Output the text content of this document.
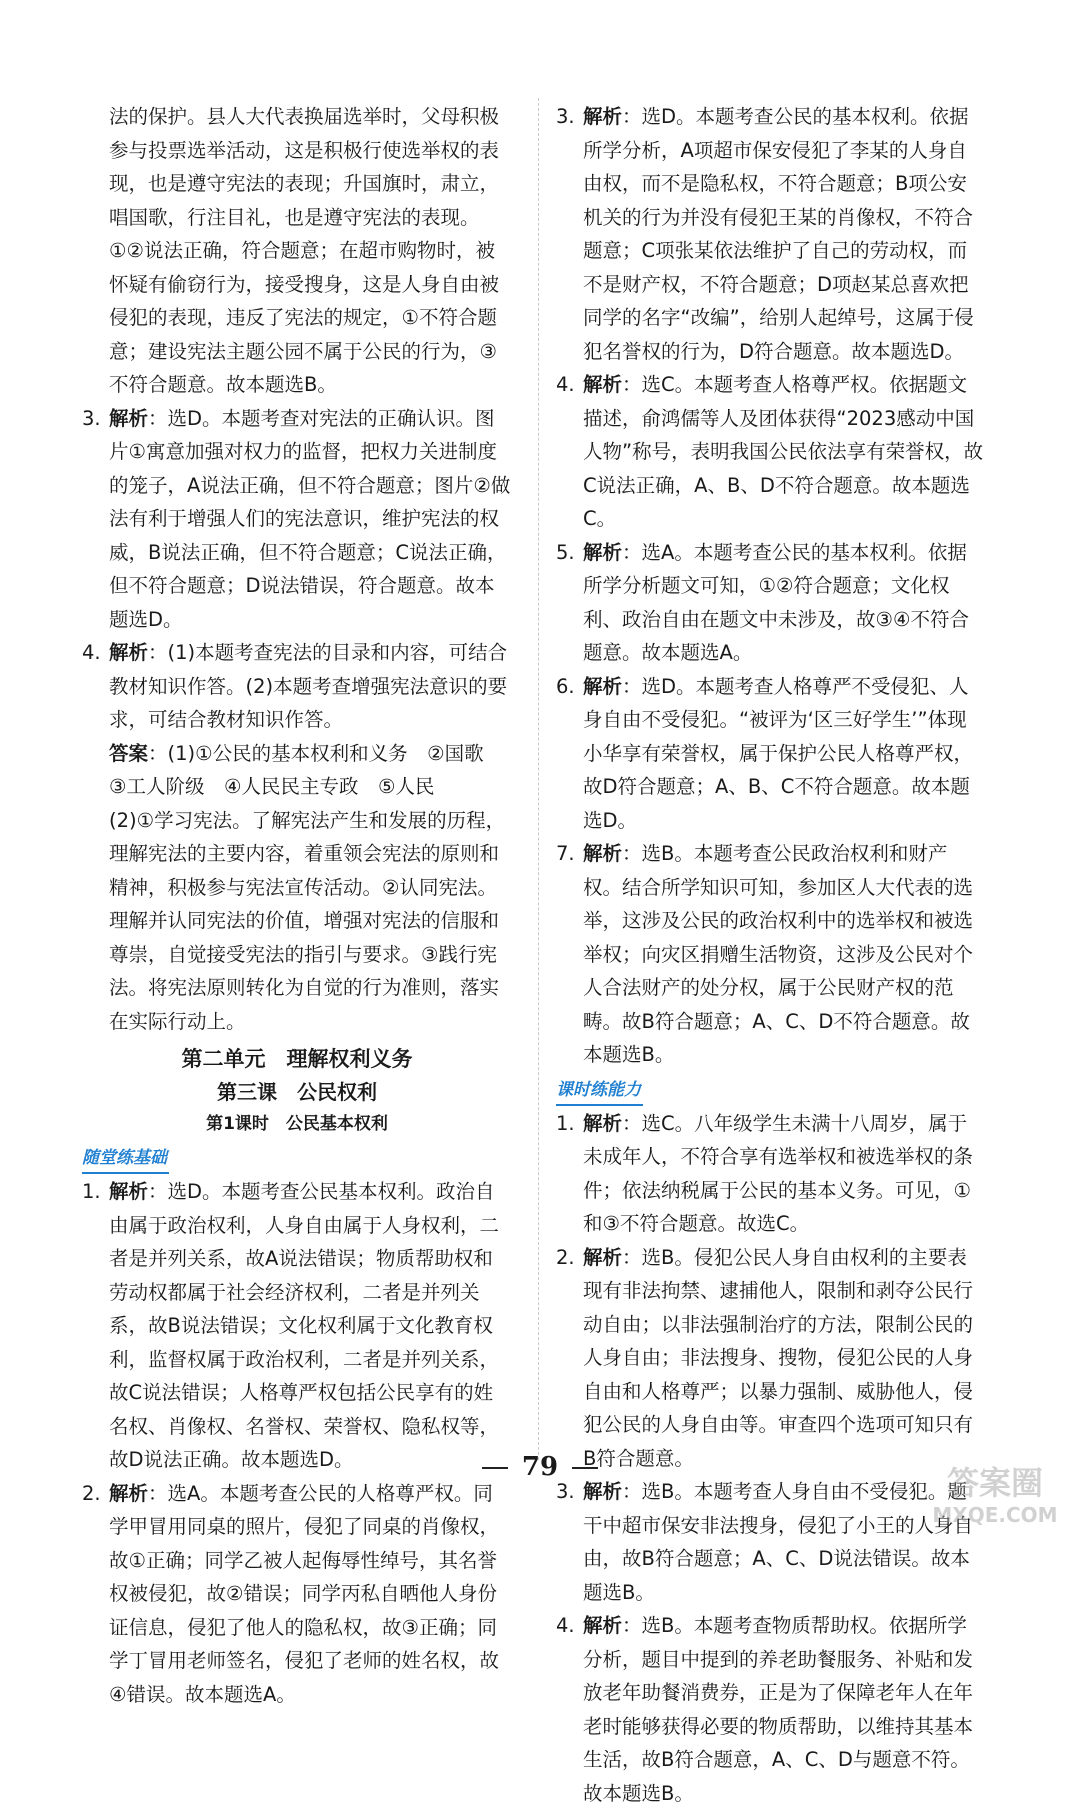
法的保护。县人大代表换届选举时，父母积极参与投票选举活动，这是积极行使选举权的表现，也是遵守宪法的表现；升国旗时，肃立，唱国歌，行注目礼，也是遵守宪法的表现。①②说法正确，符合题意；在超市购物时，被怀疑有偷窃行为，接受搜身，这是人身自由被侵犯的表现，违反了宪法的规定，①不符合题意；建设宪法主题公园不属于公民的行为，③不符合题意。故本题选B。

3. 解析：选D。本题考查对宪法的正确认识。图片①寓意加强对权力的监督，把权力关进制度的笼子，A说法正确，但不符合题意；图片②做法有利于增强人们的宪法意识，维护宪法的权威，B说法正确，但不符合题意；C说法正确，但不符合题意；D说法错误，符合题意。故本题选D。
4. 解析：(1)本题考查宪法的目录和内容，可结合教材知识作答。(2)本题考查增强宪法意识的要求，可结合教材知识作答。
答案：(1)①公民的基本权利和义务　②国歌
③工人阶级　④人民民主专政　⑤人民
(2)①学习宪法。了解宪法产生和发展的历程，理解宪法的主要内容，着重领会宪法的原则和精神，积极参与宪法宣传活动。②认同宪法。理解并认同宪法的价值，增强对宪法的信服和尊崇，自觉接受宪法的指引与要求。③践行宪法。将宪法原则转化为自觉的行为准则，落实在实际行动上。
第二单元　理解权利义务
第三课　公民权利
第1课时　公民基本权利
随堂练基础
1. 解析：选D。本题考查公民基本权利。政治自由属于政治权利，人身自由属于人身权利，二者是并列关系，故A说法错误；物质帮助权和劳动权都属于社会经济权利，二者是并列关系，故B说法错误；文化权利属于文化教育权利，监督权属于政治权利，二者是并列关系，故C说法错误；人格尊严权包括公民享有的姓名权、肖像权、名誉权、荣誉权、隐私权等，故D说法正确。故本题选D。
2. 解析：选A。本题考查公民的人格尊严权。同学甲冒用同桌的照片，侵犯了同桌的肖像权，故①正确；同学乙被人起侮辱性绰号，其名誉权被侵犯，故②错误；同学丙私自晒他人身份证信息，侵犯了他人的隐私权，故③正确；同学丁冒用老师签名，侵犯了老师的姓名权，故④错误。故本题选A。
3. 解析：选D。本题考查公民的基本权利。依据所学分析，A项超市保安侵犯了李某的人身自由权，而不是隐私权，不符合题意；B项公安机关的行为并没有侵犯王某的肖像权，不符合题意；C项张某依法维护了自己的劳动权，而不是财产权，不符合题意；D项赵某总喜欢把同学的名字“改编”，给别人起绰号，这属于侵犯名誉权的行为，D符合题意。故本题选D。
4. 解析：选C。本题考查人格尊严权。依据题文描述，俞鸿儒等人及团体获得“2023感动中国人物”称号，表明我国公民依法享有荣誉权，故C说法正确，A、B、D不符合题意。故本题选C。
5. 解析：选A。本题考查公民的基本权利。依据所学分析题文可知，①②符合题意；文化权利、政治自由在题文中未涉及，故③④不符合题意。故本题选A。
6. 解析：选D。本题考查人格尊严不受侵犯、人身自由不受侵犯。“被评为‘区三好学生’”体现小华享有荣誉权，属于保护公民人格尊严权，故D符合题意；A、B、C不符合题意。故本题选D。
7. 解析：选B。本题考查公民政治权利和财产权。结合所学知识可知，参加区人大代表的选举，这涉及公民的政治权利中的选举权和被选举权；向灾区捐赠生活物资，这涉及公民对个人合法财产的处分权，属于公民财产权的范畴。故B符合题意；A、C、D不符合题意。故本题选B。
课时练能力
1. 解析：选C。八年级学生未满十八周岁，属于未成年人，不符合享有选举权和被选举权的条件；依法纳税属于公民的基本义务。可见，①和③不符合题意。故选C。
2. 解析：选B。侵犯公民人身自由权利的主要表现有非法拘禁、逮捕他人，限制和剥夺公民行动自由；以非法强制治疗的方法，限制公民的人身自由；非法搜身、搜物，侵犯公民的人身自由和人格尊严；以暴力强制、威胁他人，侵犯公民的人身自由等。审查四个选项可知只有B符合题意。
3. 解析：选B。本题考查人身自由不受侵犯。题干中超市保安非法搜身，侵犯了小王的人身自由，故B符合题意；A、C、D说法错误。故本题选B。
4. 解析：选B。本题考查物质帮助权。依据所学分析，题目中提到的养老助餐服务、补贴和发放老年助餐消费券，正是为了保障老年人在年老时能够获得必要的物质帮助，以维持其基本生活，故B符合题意，A、C、D与题意不符。故本题选B。
79	答案圈
MXQE.COM
